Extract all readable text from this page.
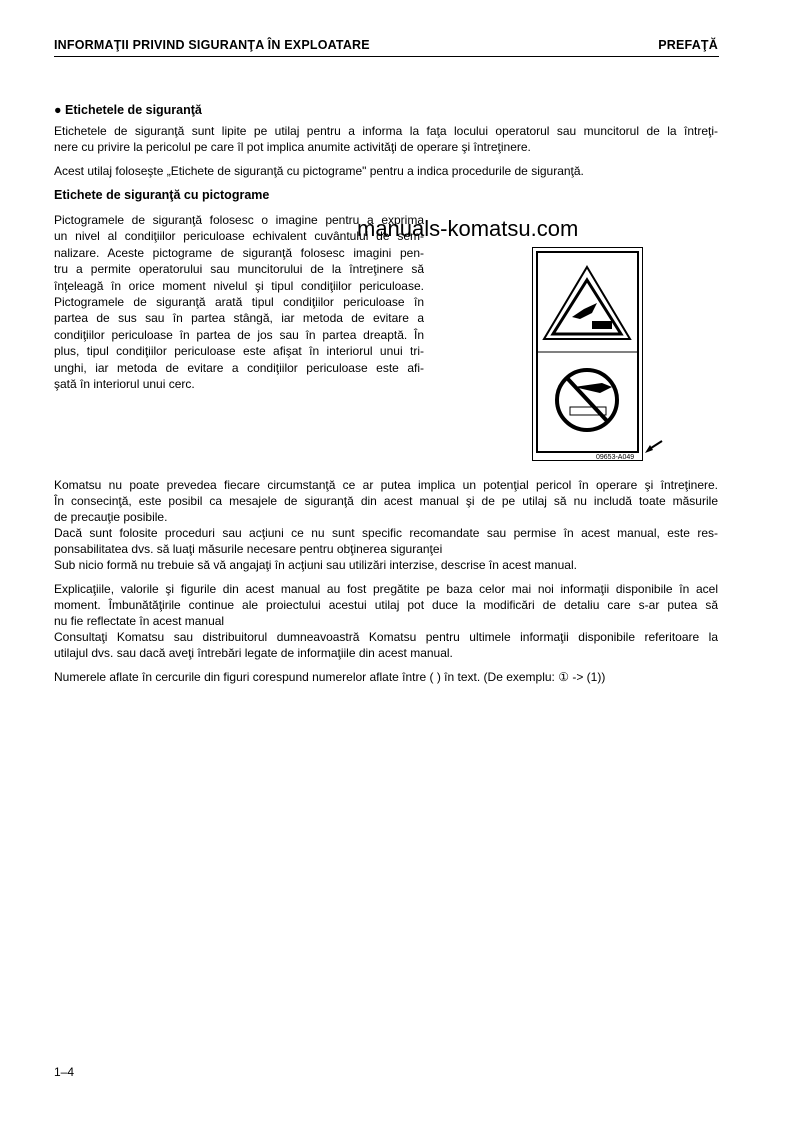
INFORMAŢII PRIVIND SIGURANŢA ÎN EXPLOATARE	PREFAŢĂ
● Etichetele de siguranţă
Etichetele de siguranţă sunt lipite pe utilaj pentru a informa la faţa locului operatorul sau muncitorul de la întreţi-
nere cu privire la pericolul pe care îl pot implica anumite activităţi de operare şi întreţinere.
Acest utilaj foloseşte „Etichete de siguranţă cu pictograme" pentru a indica procedurile de siguranţă.
Etichete de siguranţă cu pictograme
Pictogramele de siguranţă folosesc o imagine pentru a exprima
un nivel al condiţiilor periculoase echivalent cuvântului de sem-
nalizare. Aceste pictograme de siguranţă folosesc imagini pen-
tru a permite operatorului sau muncitorului de la întreţinere să
înţeleagă în orice moment nivelul şi tipul condiţiilor periculoase.
Pictogramele de siguranţă arată tipul condiţiilor periculoase în
partea de sus sau în partea stângă, iar metoda de evitare a
condiţiilor periculoase în partea de jos sau în partea dreaptă. În
plus, tipul condiţiilor periculoase este afişat în interiorul unui tri-
unghi, iar metoda de evitare a condiţiilor periculoase este afi-
şată în interiorul unui cerc.
manuals-komatsu.com
09653-A049
Komatsu nu poate prevedea fiecare circumstanţă ce ar putea implica un potenţial pericol în operare şi întreţinere.
În consecinţă, este posibil ca mesajele de siguranţă din acest manual şi de pe utilaj să nu includă toate măsurile
de precauţie posibile.
Dacă sunt folosite proceduri sau acţiuni ce nu sunt specific recomandate sau permise în acest manual, este res-
ponsabilitatea dvs. să luaţi măsurile necesare pentru obţinerea siguranţei
Sub nicio formă nu trebuie să vă angajaţi în acţiuni sau utilizări interzise, descrise în acest manual.
Explicaţiile, valorile şi figurile din acest manual au fost pregătite pe baza celor mai noi informaţii disponibile în acel
moment. Îmbunătăţirile continue ale proiectului acestui utilaj pot duce la modificări de detaliu care s-ar putea să
nu fie reflectate în acest manual
Consultaţi Komatsu sau distribuitorul dumneavoastră Komatsu pentru ultimele informaţii disponibile referitoare la
utilajul dvs. sau dacă aveţi întrebări legate de informaţiile din acest manual.
Numerele aflate în cercurile din figuri corespund numerelor aflate între ( ) în text. (De exemplu: ① -> (1))
1–4
